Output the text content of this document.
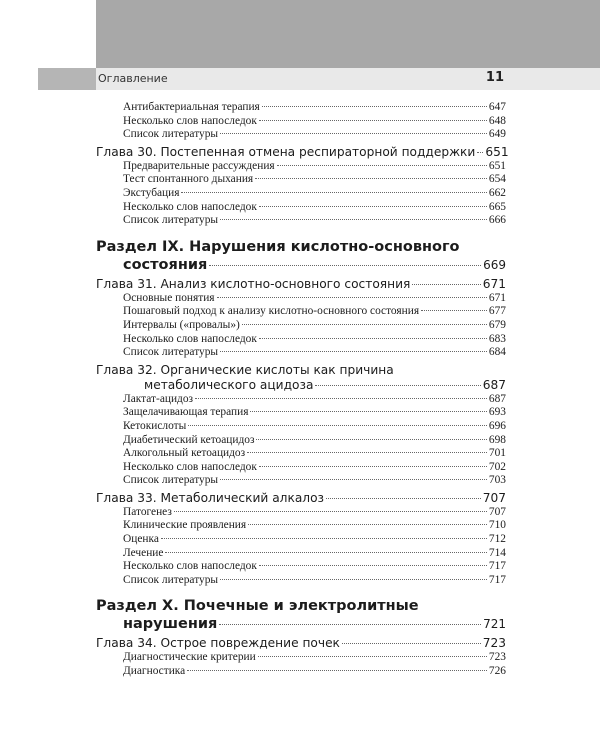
Оглавление	11
Антибактериальная терапия	647
Несколько слов напоследок	648
Список литературы	649
Глава 30. Постепенная отмена респираторной поддержки 651
Предварительные рассуждения	651
Тест спонтанного дыхания	654
Экстубация	662
Несколько слов напоследок	665
Список литературы	666
Раздел IX. Нарушения кислотно-основного
состояния	669
Глава 31. Анализ кислотно-основного состояния	671
Основные понятия	671
Пошаговый подход к анализу кислотно-основного состояния	677
Интервалы («провалы»)	679
Несколько слов напоследок	683
Список литературы	684
Глава 32. Органические кислоты как причина
метаболического ацидоза	687
Лактат-ацидоз	687
Защелачивающая терапия	693
Кетокислоты	696
Диабетический кетоацидоз	698
Алкогольный кетоацидоз	701
Несколько слов напоследок	702
Список литературы	703
Глава 33. Метаболический алкалоз	707
Патогенез	707
Клинические проявления	710
Оценка	712
Лечение	714
Несколько слов напоследок	717
Список литературы	717
Раздел X. Почечные и электролитные
нарушения	721
Глава 34. Острое повреждение почек	723
Диагностические критерии	723
Диагностика	726
